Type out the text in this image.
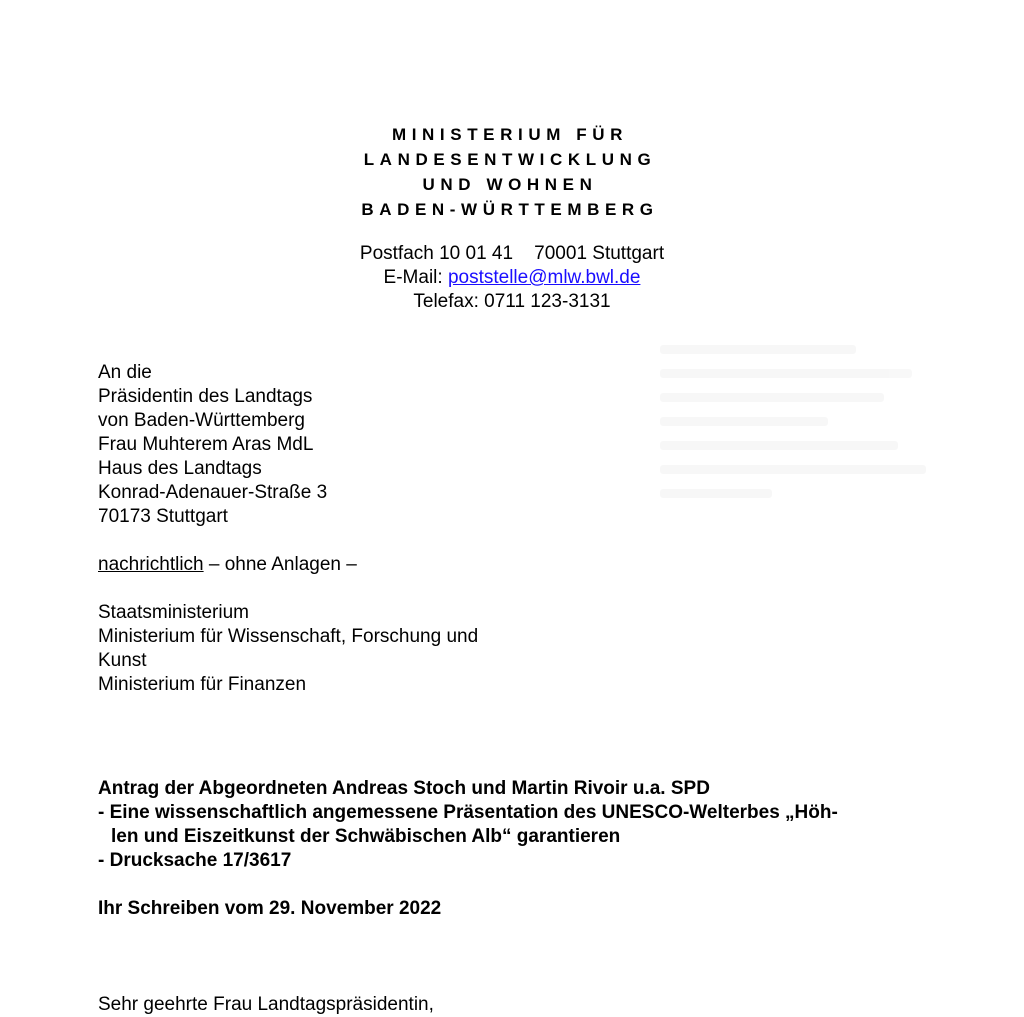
MINISTERIUM FÜR
LANDESENTWICKLUNG
UND WOHNEN
BADEN-WÜRTTEMBERG
Postfach 10 01 41    70001 Stuttgart
E-Mail: poststelle@mlw.bwl.de
Telefax: 0711 123-3131
An die
Präsidentin des Landtags
von Baden-Württemberg
Frau Muhterem Aras MdL
Haus des Landtags
Konrad-Adenauer-Straße 3
70173 Stuttgart
nachrichtlich – ohne Anlagen –
Staatsministerium
Ministerium für Wissenschaft, Forschung und
Kunst
Ministerium für Finanzen
Antrag der Abgeordneten Andreas Stoch und Martin Rivoir u.a. SPD
- Eine wissenschaftlich angemessene Präsentation des UNESCO-Welterbes „Höh-
len und Eiszeitkunst der Schwäbischen Alb“ garantieren
- Drucksache 17/3617
Ihr Schreiben vom 29. November 2022
Sehr geehrte Frau Landtagspräsidentin,
